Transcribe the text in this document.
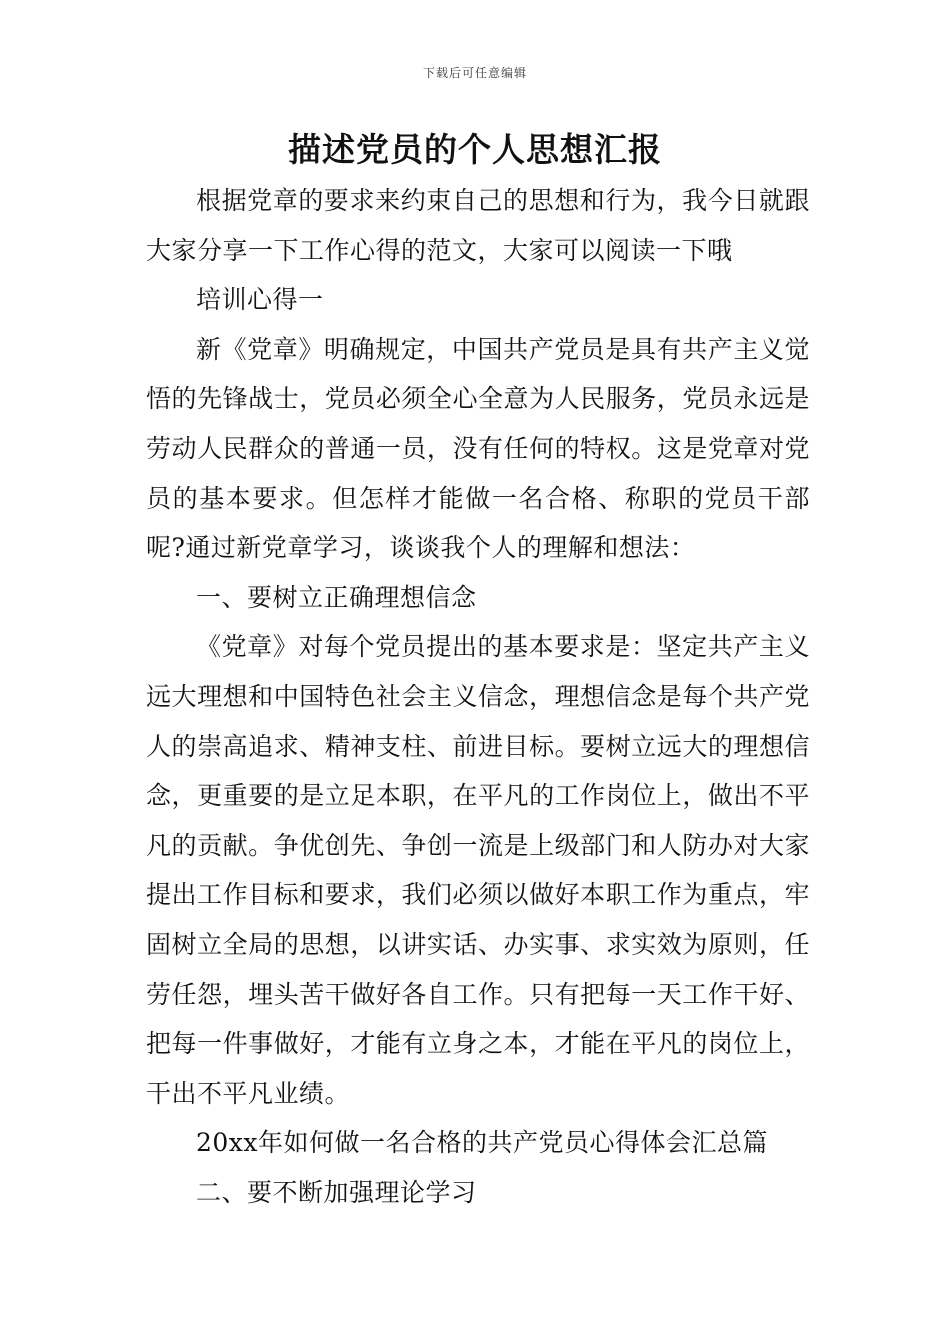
下载后可任意编辑
描述党员的个人思想汇报

根据党章的要求来约束自己的思想和行为，我今日就跟大家分享一下工作心得的范文，大家可以阅读一下哦

培训心得一

新《党章》明确规定，中国共产党员是具有共产主义觉悟的先锋战士，党员必须全心全意为人民服务，党员永远是劳动人民群众的普通一员，没有任何的特权。这是党章对党员的基本要求。但怎样才能做一名合格、称职的党员干部呢?通过新党章学习，谈谈我个人的理解和想法：

一、要树立正确理想信念

《党章》对每个党员提出的基本要求是：坚定共产主义远大理想和中国特色社会主义信念，理想信念是每个共产党人的崇高追求、精神支柱、前进目标。要树立远大的理想信念，更重要的是立足本职，在平凡的工作岗位上，做出不平凡的贡献。争优创先、争创一流是上级部门和人防办对大家提出工作目标和要求，我们必须以做好本职工作为重点，牢固树立全局的思想，以讲实话、办实事、求实效为原则，任劳任怨，埋头苦干做好各自工作。只有把每一天工作干好、把每一件事做好，才能有立身之本，才能在平凡的岗位上，干出不平凡业绩。

20xx年如何做一名合格的共产党员心得体会汇总篇

二、要不断加强理论学习
